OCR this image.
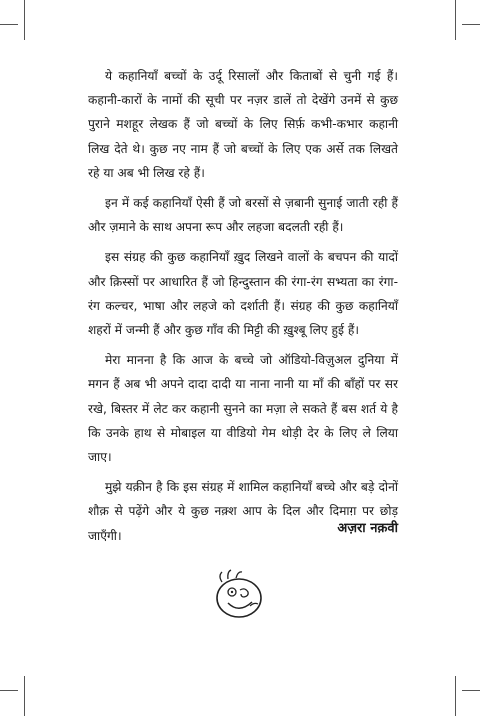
ये कहानियाँ बच्चों के उर्दू रिसालों और किताबों से चुनी गई हैं। कहानी-कारों के नामों की सूची पर नज़र डालें तो देखेंगे उनमें से कुछ पुराने मशहूर लेखक हैं जो बच्चों के लिए सिर्फ़ कभी-कभार कहानी लिख देते थे। कुछ नए नाम हैं जो बच्चों के लिए एक अर्से तक लिखते रहे या अब भी लिख रहे हैं।

इन में कई कहानियाँ ऐसी हैं जो बरसों से ज़बानी सुनाई जाती रही हैं और ज़माने के साथ अपना रूप और लहजा बदलती रही हैं।

इस संग्रह की कुछ कहानियाँ ख़ुद लिखने वालों के बचपन की यादों और क़िस्सों पर आधारित हैं जो हिन्दुस्तान की रंगा-रंग सभ्यता का रंगा-रंग कल्चर, भाषा और लहजे को दर्शाती हैं। संग्रह की कुछ कहानियाँ शहरों में जन्मी हैं और कुछ गाँव की मिट्टी की ख़ुश्बू लिए हुई हैं।

मेरा मानना है कि आज के बच्चे जो ऑडियो-विज़ुअल दुनिया में मगन हैं अब भी अपने दादा दादी या नाना नानी या माँ की बाँहों पर सर रखे, बिस्तर में लेट कर कहानी सुनने का मज़ा ले सकते हैं बस शर्त ये है कि उनके हाथ से मोबाइल या वीडियो गेम थोड़ी देर के लिए ले लिया जाए।

मुझे यक़ीन है कि इस संग्रह में शामिल कहानियाँ बच्चे और बड़े दोनों शौक़ से पढ़ेंगे और ये कुछ नक़्श आप के दिल और दिमाग़ पर छोड़ जाएँगी।	अज़रा नक़वी
